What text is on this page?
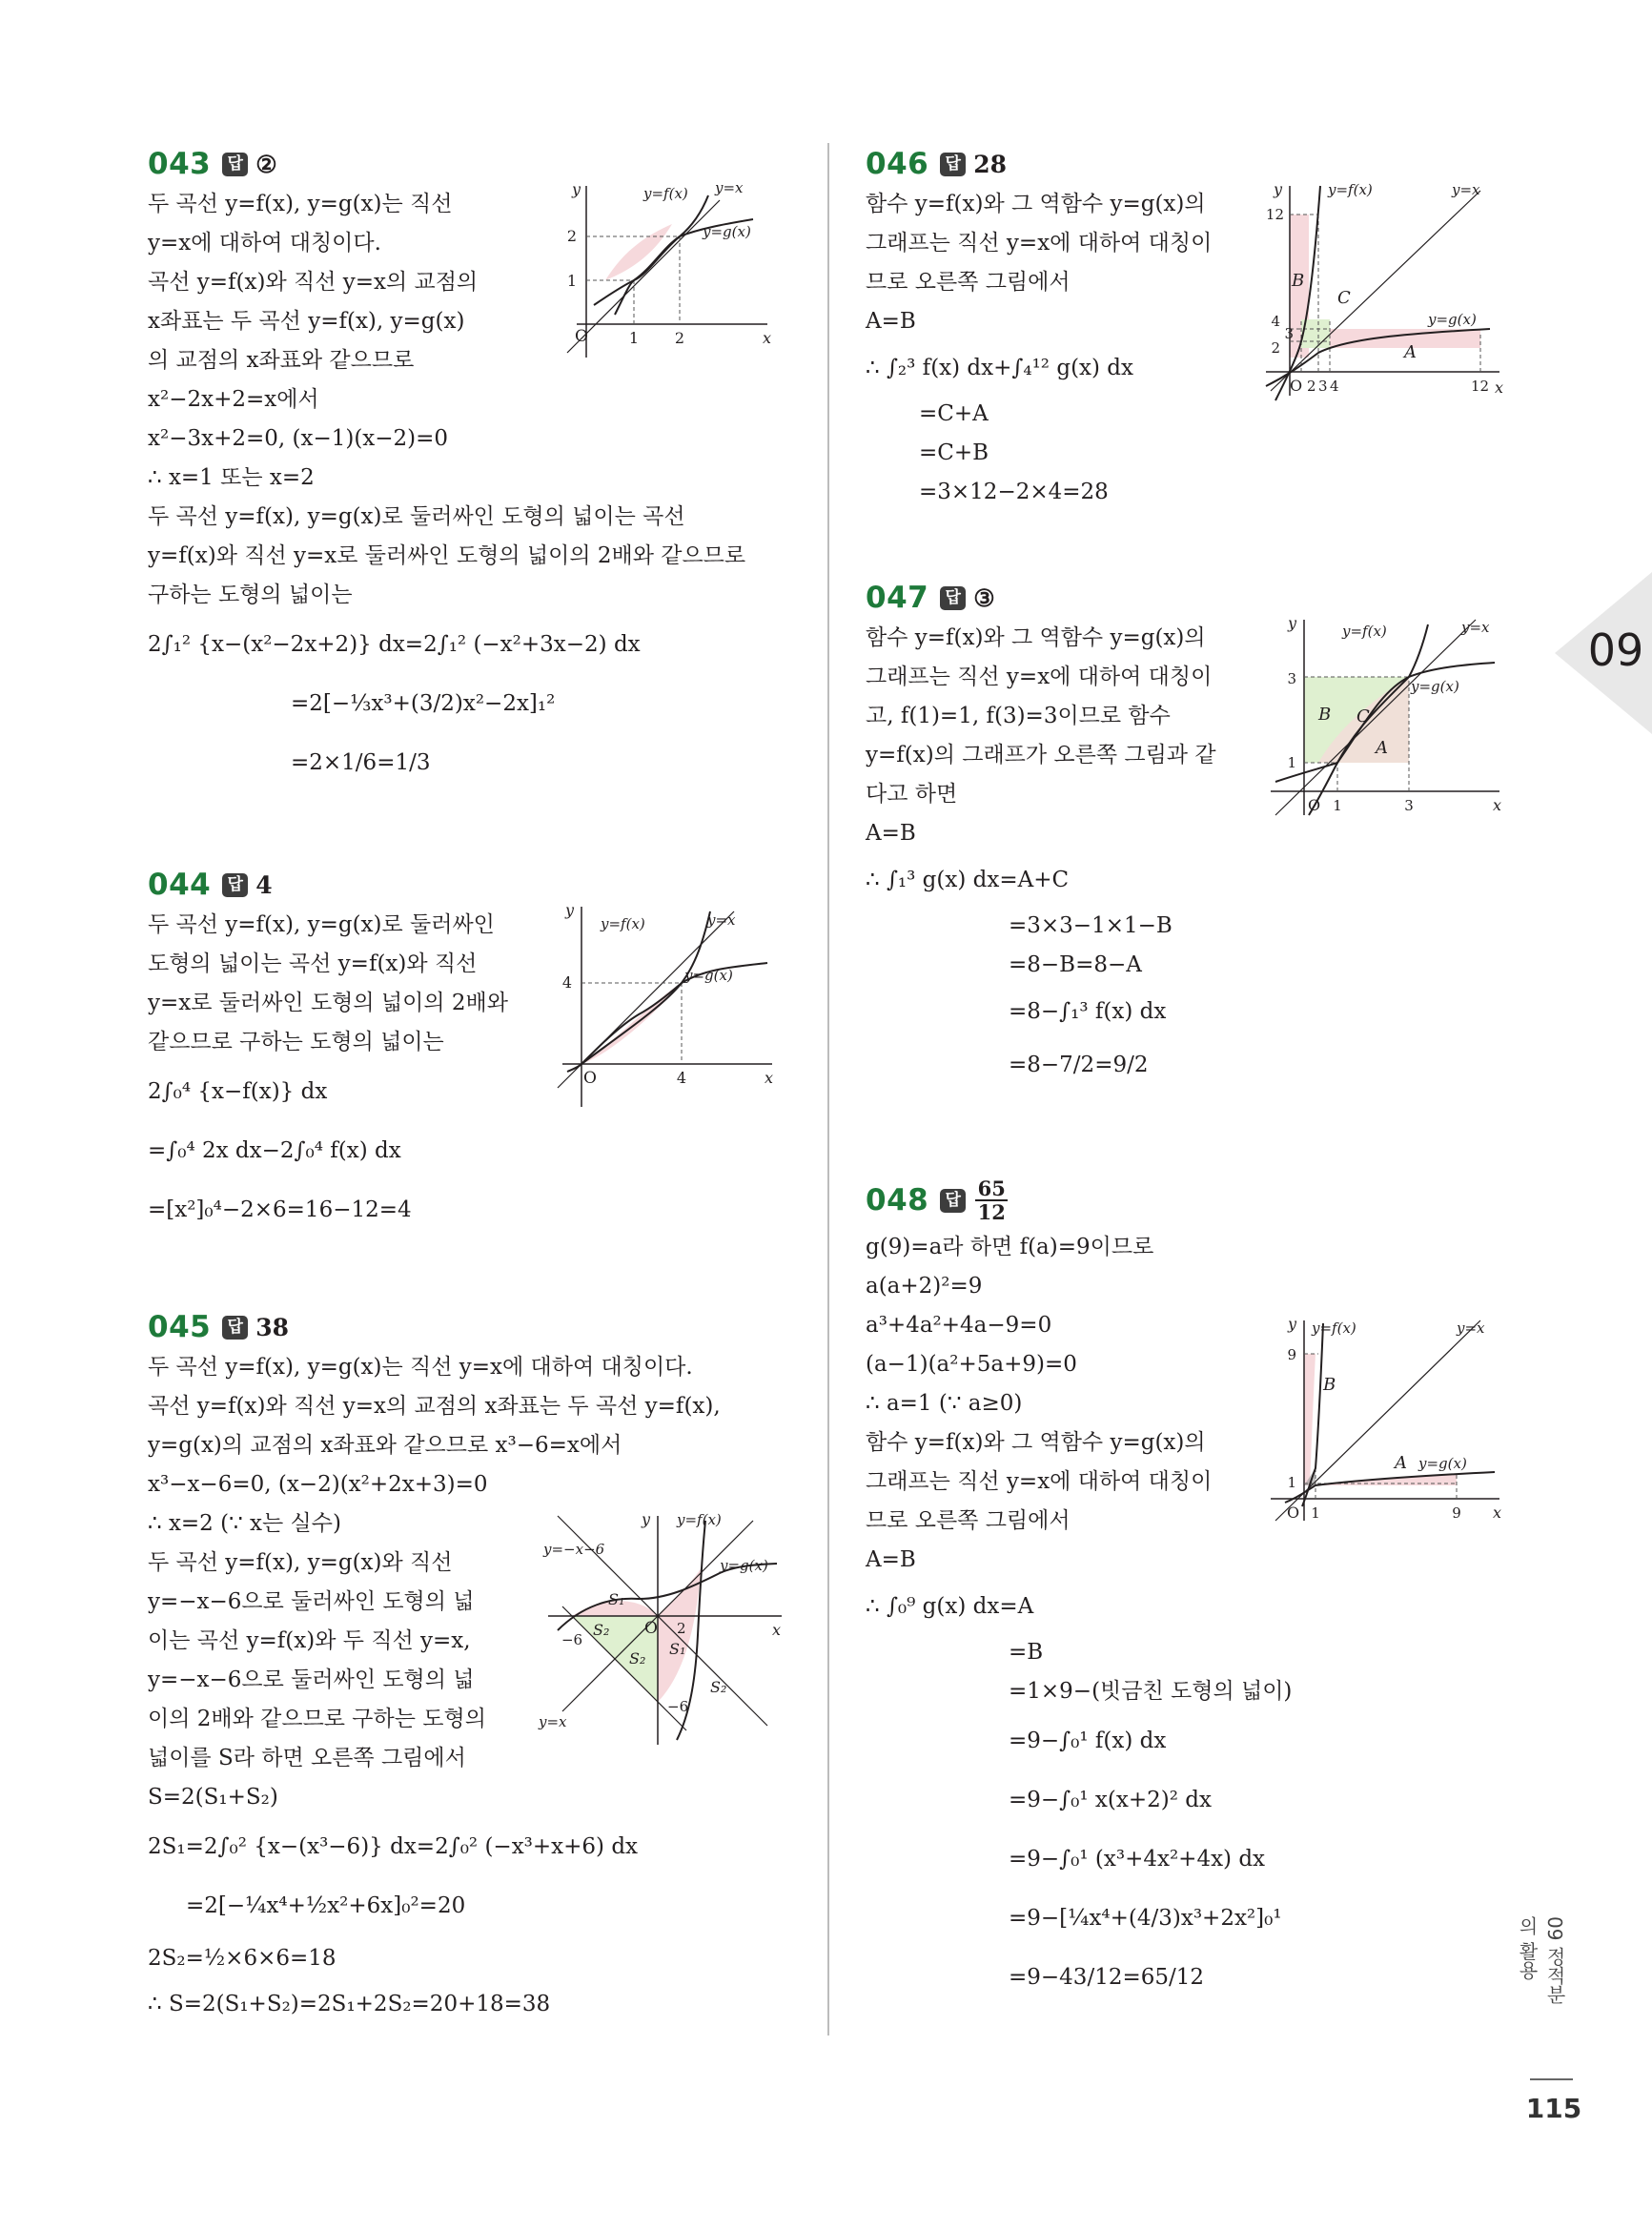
09
043	답 ②
두 곡선 y=f(x), y=g(x)는 직선
y=x에 대하여 대칭이다.
곡선 y=f(x)와 직선 y=x의 교점의
x좌표는 두 곡선 y=f(x), y=g(x)
의 교점의 x좌표와 같으므로
x²−2x+2=x에서
x²−3x+2=0, (x−1)(x−2)=0
∴ x=1 또는 x=2
두 곡선 y=f(x), y=g(x)로 둘러싸인 도형의 넓이는 곡선
y=f(x)와 직선 y=x로 둘러싸인 도형의 넓이의 2배와 같으므로
구하는 도형의 넓이는
2∫₁² {x−(x²−2x+2)} dx=2∫₁² (−x²+3x−2) dx
=2[−⅓x³+(3/2)x²−2x]₁²
=2×1/6=1/3
y
x
O	1 2
1
2
y=f(x) y=x
y=g(x)
044	답 4
두 곡선 y=f(x), y=g(x)로 둘러싸인
도형의 넓이는 곡선 y=f(x)와 직선
y=x로 둘러싸인 도형의 넓이의 2배와
같으므로 구하는 도형의 넓이는
2∫₀⁴ {x−f(x)} dx
=∫₀⁴ 2x dx−2∫₀⁴ f(x) dx
=[x²]₀⁴−2×6=16−12=4
y
x
O	4
4
y=f(x)	y=x
y=g(x)
045	답 38
두 곡선 y=f(x), y=g(x)는 직선 y=x에 대하여 대칭이다.
곡선 y=f(x)와 직선 y=x의 교점의 x좌표는 두 곡선 y=f(x),
y=g(x)의 교점의 x좌표와 같으므로 x³−6=x에서
x³−x−6=0, (x−2)(x²+2x+3)=0
∴ x=2 (∵ x는 실수)
두 곡선 y=f(x), y=g(x)와 직선
y=−x−6으로 둘러싸인 도형의 넓
이는 곡선 y=f(x)와 두 직선 y=x,
y=−x−6으로 둘러싸인 도형의 넓
이의 2배와 같으므로 구하는 도형의
넓이를 S라 하면 오른쪽 그림에서
S=2(S₁+S₂)
2S₁=2∫₀² {x−(x³−6)} dx=2∫₀² (−x³+x+6) dx
=2[−¼x⁴+½x²+6x]₀²=20
2S₂=½×6×6=18
∴ S=2(S₁+S₂)=2S₁+2S₂=20+18=38
y
x
O 2
−6
−6
y=−x−6
y=f(x)
y=g(x)
y=x
S₁
S₂
S₂
S₁
S₂
046	답 28
함수 y=f(x)와 그 역함수 y=g(x)의
그래프는 직선 y=x에 대하여 대칭이
므로 오른쪽 그림에서
A=B
∴ ∫₂³ f(x) dx+∫₄¹² g(x) dx
=C+A
=C+B
=3×12−2×4=28
y
x
12
4
3
2
O 2 3 4	12
y=f(x)	y=x
y=g(x)
B
C
A
047	답 ③
함수 y=f(x)와 그 역함수 y=g(x)의
그래프는 직선 y=x에 대하여 대칭이
고, f(1)=1, f(3)=3이므로 함수
y=f(x)의 그래프가 오른쪽 그림과 같
다고 하면
A=B
∴ ∫₁³ g(x) dx=A+C
=3×3−1×1−B
=8−B=8−A
=8−∫₁³ f(x) dx
=8−7/2=9/2
y
x
3
1
O 1	3
y=f(x)	y=x
y=g(x)
B C
A
048	답 $\frac{65}{12}$
g(9)=a라 하면 f(a)=9이므로
a(a+2)²=9
a³+4a²+4a−9=0
(a−1)(a²+5a+9)=0
∴ a=1 (∵ a≥0)
함수 y=f(x)와 그 역함수 y=g(x)의
그래프는 직선 y=x에 대하여 대칭이
므로 오른쪽 그림에서
A=B
∴ ∫₀⁹ g(x) dx=A
=B
=1×9−(빗금친 도형의 넓이)
=9−∫₀¹ f(x) dx
=9−∫₀¹ x(x+2)² dx
=9−∫₀¹ (x³+4x²+4x) dx
=9−[¼x⁴+(4/3)x³+2x²]₀¹
=9−43/12=65/12
y
x
9
1
O 1	9
y=f(x)	y=x
y=g(x)
B
A
09 정적분의 활용
115
